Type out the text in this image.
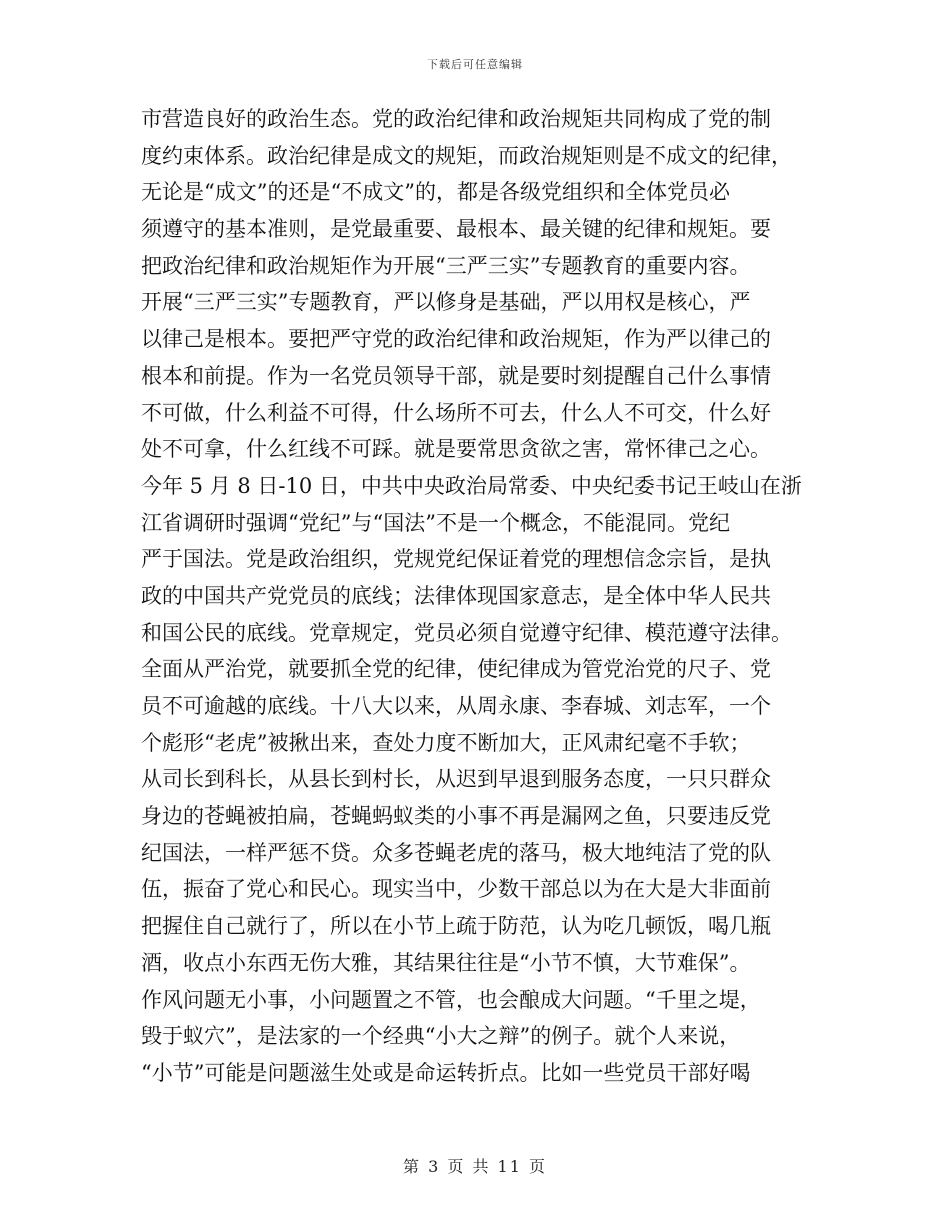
下载后可任意编辑
市营造良好的政治生态。党的政治纪律和政治规矩共同构成了党的制
度约束体系。政治纪律是成文的规矩，而政治规矩则是不成文的纪律，
无论是“成文”的还是“不成文”的，都是各级党组织和全体党员必
须遵守的基本准则，是党最重要、最根本、最关键的纪律和规矩。要
把政治纪律和政治规矩作为开展“三严三实”专题教育的重要内容。
开展“三严三实”专题教育，严以修身是基础，严以用权是核心，严
以律己是根本。要把严守党的政治纪律和政治规矩，作为严以律己的
根本和前提。作为一名党员领导干部，就是要时刻提醒自己什么事情
不可做，什么利益不可得，什么场所不可去，什么人不可交，什么好
处不可拿，什么红线不可踩。就是要常思贪欲之害，常怀律己之心。
今年 5 月 8 日-10 日，中共中央政治局常委、中央纪委书记王岐山在浙
江省调研时强调“党纪”与“国法”不是一个概念，不能混同。党纪
严于国法。党是政治组织，党规党纪保证着党的理想信念宗旨，是执
政的中国共产党党员的底线；法律体现国家意志，是全体中华人民共
和国公民的底线。党章规定，党员必须自觉遵守纪律、模范遵守法律。
全面从严治党，就要抓全党的纪律，使纪律成为管党治党的尺子、党
员不可逾越的底线。十八大以来，从周永康、李春城、刘志军，一个
个彪形“老虎”被揪出来，查处力度不断加大，正风肃纪毫不手软；
从司长到科长，从县长到村长，从迟到早退到服务态度，一只只群众
身边的苍蝇被拍扁，苍蝇蚂蚁类的小事不再是漏网之鱼，只要违反党
纪国法，一样严惩不贷。众多苍蝇老虎的落马，极大地纯洁了党的队
伍，振奋了党心和民心。现实当中，少数干部总以为在大是大非面前
把握住自己就行了，所以在小节上疏于防范，认为吃几顿饭，喝几瓶
酒，收点小东西无伤大雅，其结果往往是“小节不慎，大节难保”。
作风问题无小事，小问题置之不管，也会酿成大问题。“千里之堤，
毁于蚁穴”，是法家的一个经典“小大之辩”的例子。就个人来说，
“小节”可能是问题滋生处或是命运转折点。比如一些党员干部好喝
第 3 页 共 11 页
